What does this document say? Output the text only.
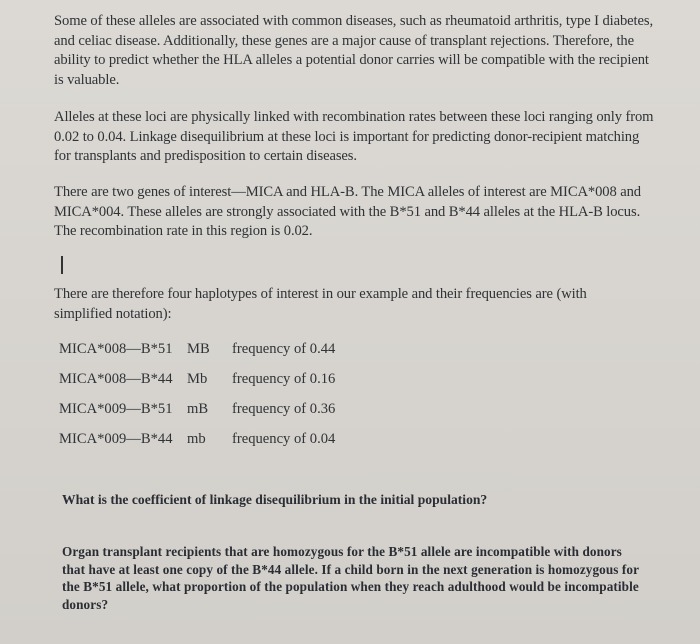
Some of these alleles are associated with common diseases, such as rheumatoid arthritis, type I diabetes, and celiac disease. Additionally, these genes are a major cause of transplant rejections. Therefore, the ability to predict whether the HLA alleles a potential donor carries will be compatible with the recipient is valuable.
Alleles at these loci are physically linked with recombination rates between these loci ranging only from 0.02 to 0.04. Linkage disequilibrium at these loci is important for predicting donor-recipient matching for transplants and predisposition to certain diseases.
There are two genes of interest—MICA and HLA-B. The MICA alleles of interest are MICA*008 and MICA*004. These alleles are strongly associated with the B*51 and B*44 alleles at the HLA-B locus. The recombination rate in this region is 0.02.
There are therefore four haplotypes of interest in our example and their frequencies are (with simplified notation):
MICA*008—B*51 MB	frequency of 0.44
MICA*008—B*44 Mb	frequency of 0.16
MICA*009—B*51 mB	frequency of 0.36
MICA*009—B*44 mb	frequency of 0.04
What is the coefficient of linkage disequilibrium in the initial population?
Organ transplant recipients that are homozygous for the B*51 allele are incompatible with donors that have at least one copy of the B*44 allele. If a child born in the next generation is homozygous for the B*51 allele, what proportion of the population when they reach adulthood would be incompatible donors?
